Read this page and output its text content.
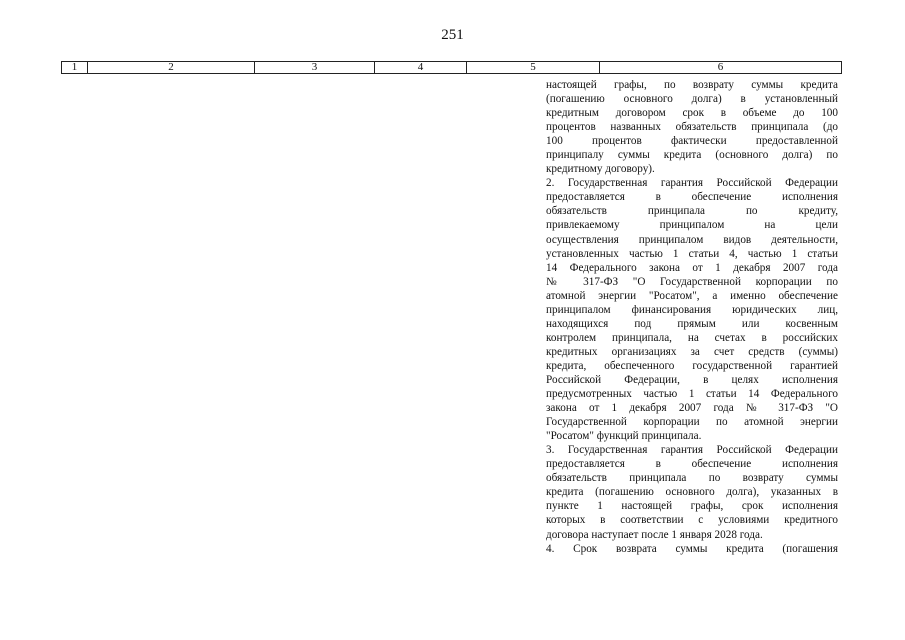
251
1	2	3	4	5	6
настоящей графы, по возврату суммы кредита
(погашению основного долга) в установленный
кредитным договором срок в объеме до 100
процентов названных обязательств принципала (до
100 процентов фактически предоставленной
принципалу суммы кредита (основного долга) по
кредитному договору).
2. Государственная гарантия Российской Федерации
предоставляется в обеспечение исполнения
обязательств принципала по кредиту,
привлекаемому принципалом на цели
осуществления принципалом видов деятельности,
установленных частью 1 статьи 4, частью 1 статьи
14 Федерального закона от 1 декабря 2007 года
№ 317-ФЗ "О Государственной корпорации по
атомной энергии "Росатом", а именно обеспечение
принципалом финансирования юридических лиц,
находящихся под прямым или косвенным
контролем принципала, на счетах в российских
кредитных организациях за счет средств (суммы)
кредита, обеспеченного государственной гарантией
Российской Федерации, в целях исполнения
предусмотренных частью 1 статьи 14 Федерального
закона от 1 декабря 2007 года № 317-ФЗ "О
Государственной корпорации по атомной энергии
"Росатом" функций принципала.
3. Государственная гарантия Российской Федерации
предоставляется в обеспечение исполнения
обязательств принципала по возврату суммы
кредита (погашению основного долга), указанных в
пункте 1 настоящей графы, срок исполнения
которых в соответствии с условиями кредитного
договора наступает после 1 января 2028 года.
4. Срок возврата суммы кредита (погашения
